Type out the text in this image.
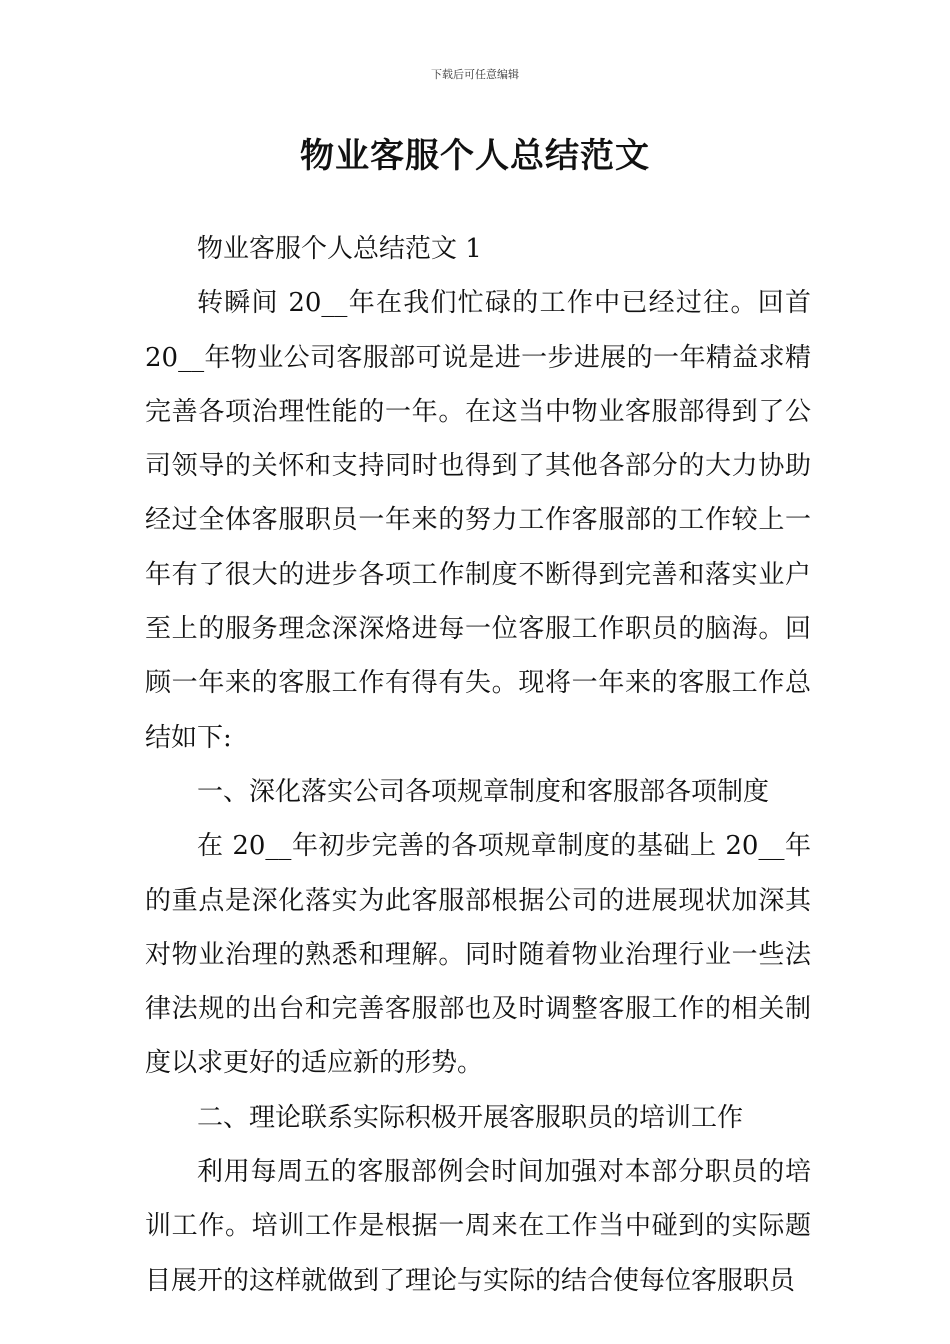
下载后可任意编辑
物业客服个人总结范文

物业客服个人总结范文 1

转瞬间 20__年在我们忙碌的工作中已经过往。回首 20__年物业公司客服部可说是进一步进展的一年精益求精完善各项治理性能的一年。在这当中物业客服部得到了公司领导的关怀和支持同时也得到了其他各部分的大力协助经过全体客服职员一年来的努力工作客服部的工作较上一年有了很大的进步各项工作制度不断得到完善和落实业户至上的服务理念深深烙进每一位客服工作职员的脑海。回顾一年来的客服工作有得有失。现将一年来的客服工作总结如下:

一、深化落实公司各项规章制度和客服部各项制度

在 20__年初步完善的各项规章制度的基础上 20__年的重点是深化落实为此客服部根据公司的进展现状加深其对物业治理的熟悉和理解。同时随着物业治理行业一些法律法规的出台和完善客服部也及时调整客服工作的相关制度以求更好的适应新的形势。

二、理论联系实际积极开展客服职员的培训工作

利用每周五的客服部例会时间加强对本部分职员的培训工作。培训工作是根据一周来在工作当中碰到的实际题目展开的这样就做到了理论与实际的结合使每位客服职员
